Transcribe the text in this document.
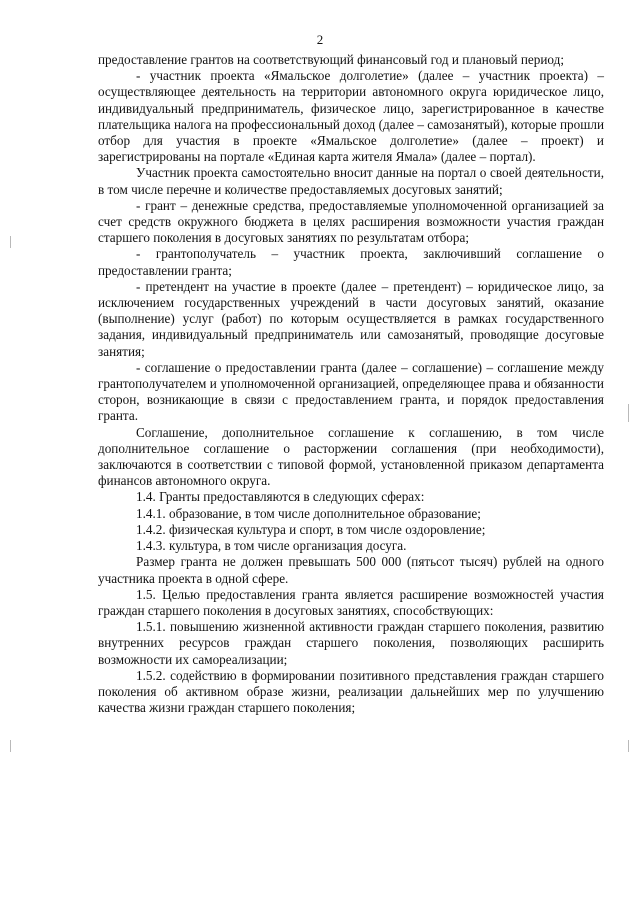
2

предоставление грантов на соответствующий финансовый год и плановый период;

- участник проекта «Ямальское долголетие» (далее – участник проекта) – осуществляющее деятельность на территории автономного округа юридическое лицо, индивидуальный предприниматель, физическое лицо, зарегистрированное в качестве плательщика налога на профессиональный доход (далее – самозанятый), которые прошли отбор для участия в проекте «Ямальское долголетие» (далее – проект) и зарегистрированы на портале «Единая карта жителя Ямала» (далее – портал).

Участник проекта самостоятельно вносит данные на портал о своей деятельности, в том числе перечне и количестве предоставляемых досуговых занятий;

- грант – денежные средства, предоставляемые уполномоченной организацией за счет средств окружного бюджета в целях расширения возможности участия граждан старшего поколения в досуговых занятиях по результатам отбора;

- грантополучатель – участник проекта, заключивший соглашение о предоставлении гранта;

- претендент на участие в проекте (далее – претендент) – юридическое лицо, за исключением государственных учреждений в части досуговых занятий, оказание (выполнение) услуг (работ) по которым осуществляется в рамках государственного задания, индивидуальный предприниматель или самозанятый, проводящие досуговые занятия;

- соглашение о предоставлении гранта (далее – соглашение) – соглашение между грантополучателем и уполномоченной организацией, определяющее права и обязанности сторон, возникающие в связи с предоставлением гранта, и порядок предоставления гранта.

Соглашение, дополнительное соглашение к соглашению, в том числе дополнительное соглашение о расторжении соглашения (при необходимости), заключаются в соответствии с типовой формой, установленной приказом департамента финансов автономного округа.

1.4. Гранты предоставляются в следующих сферах:

1.4.1. образование, в том числе дополнительное образование;

1.4.2. физическая культура и спорт, в том числе оздоровление;

1.4.3. культура, в том числе организация досуга.

Размер гранта не должен превышать 500 000 (пятьсот тысяч) рублей на одного участника проекта в одной сфере.

1.5. Целью предоставления гранта является расширение возможностей участия граждан старшего поколения в досуговых занятиях, способствующих:

1.5.1. повышению жизненной активности граждан старшего поколения, развитию внутренних ресурсов граждан старшего поколения, позволяющих расширить возможности их самореализации;

1.5.2. содействию в формировании позитивного представления граждан старшего поколения об активном образе жизни, реализации дальнейших мер по улучшению качества жизни граждан старшего поколения;
